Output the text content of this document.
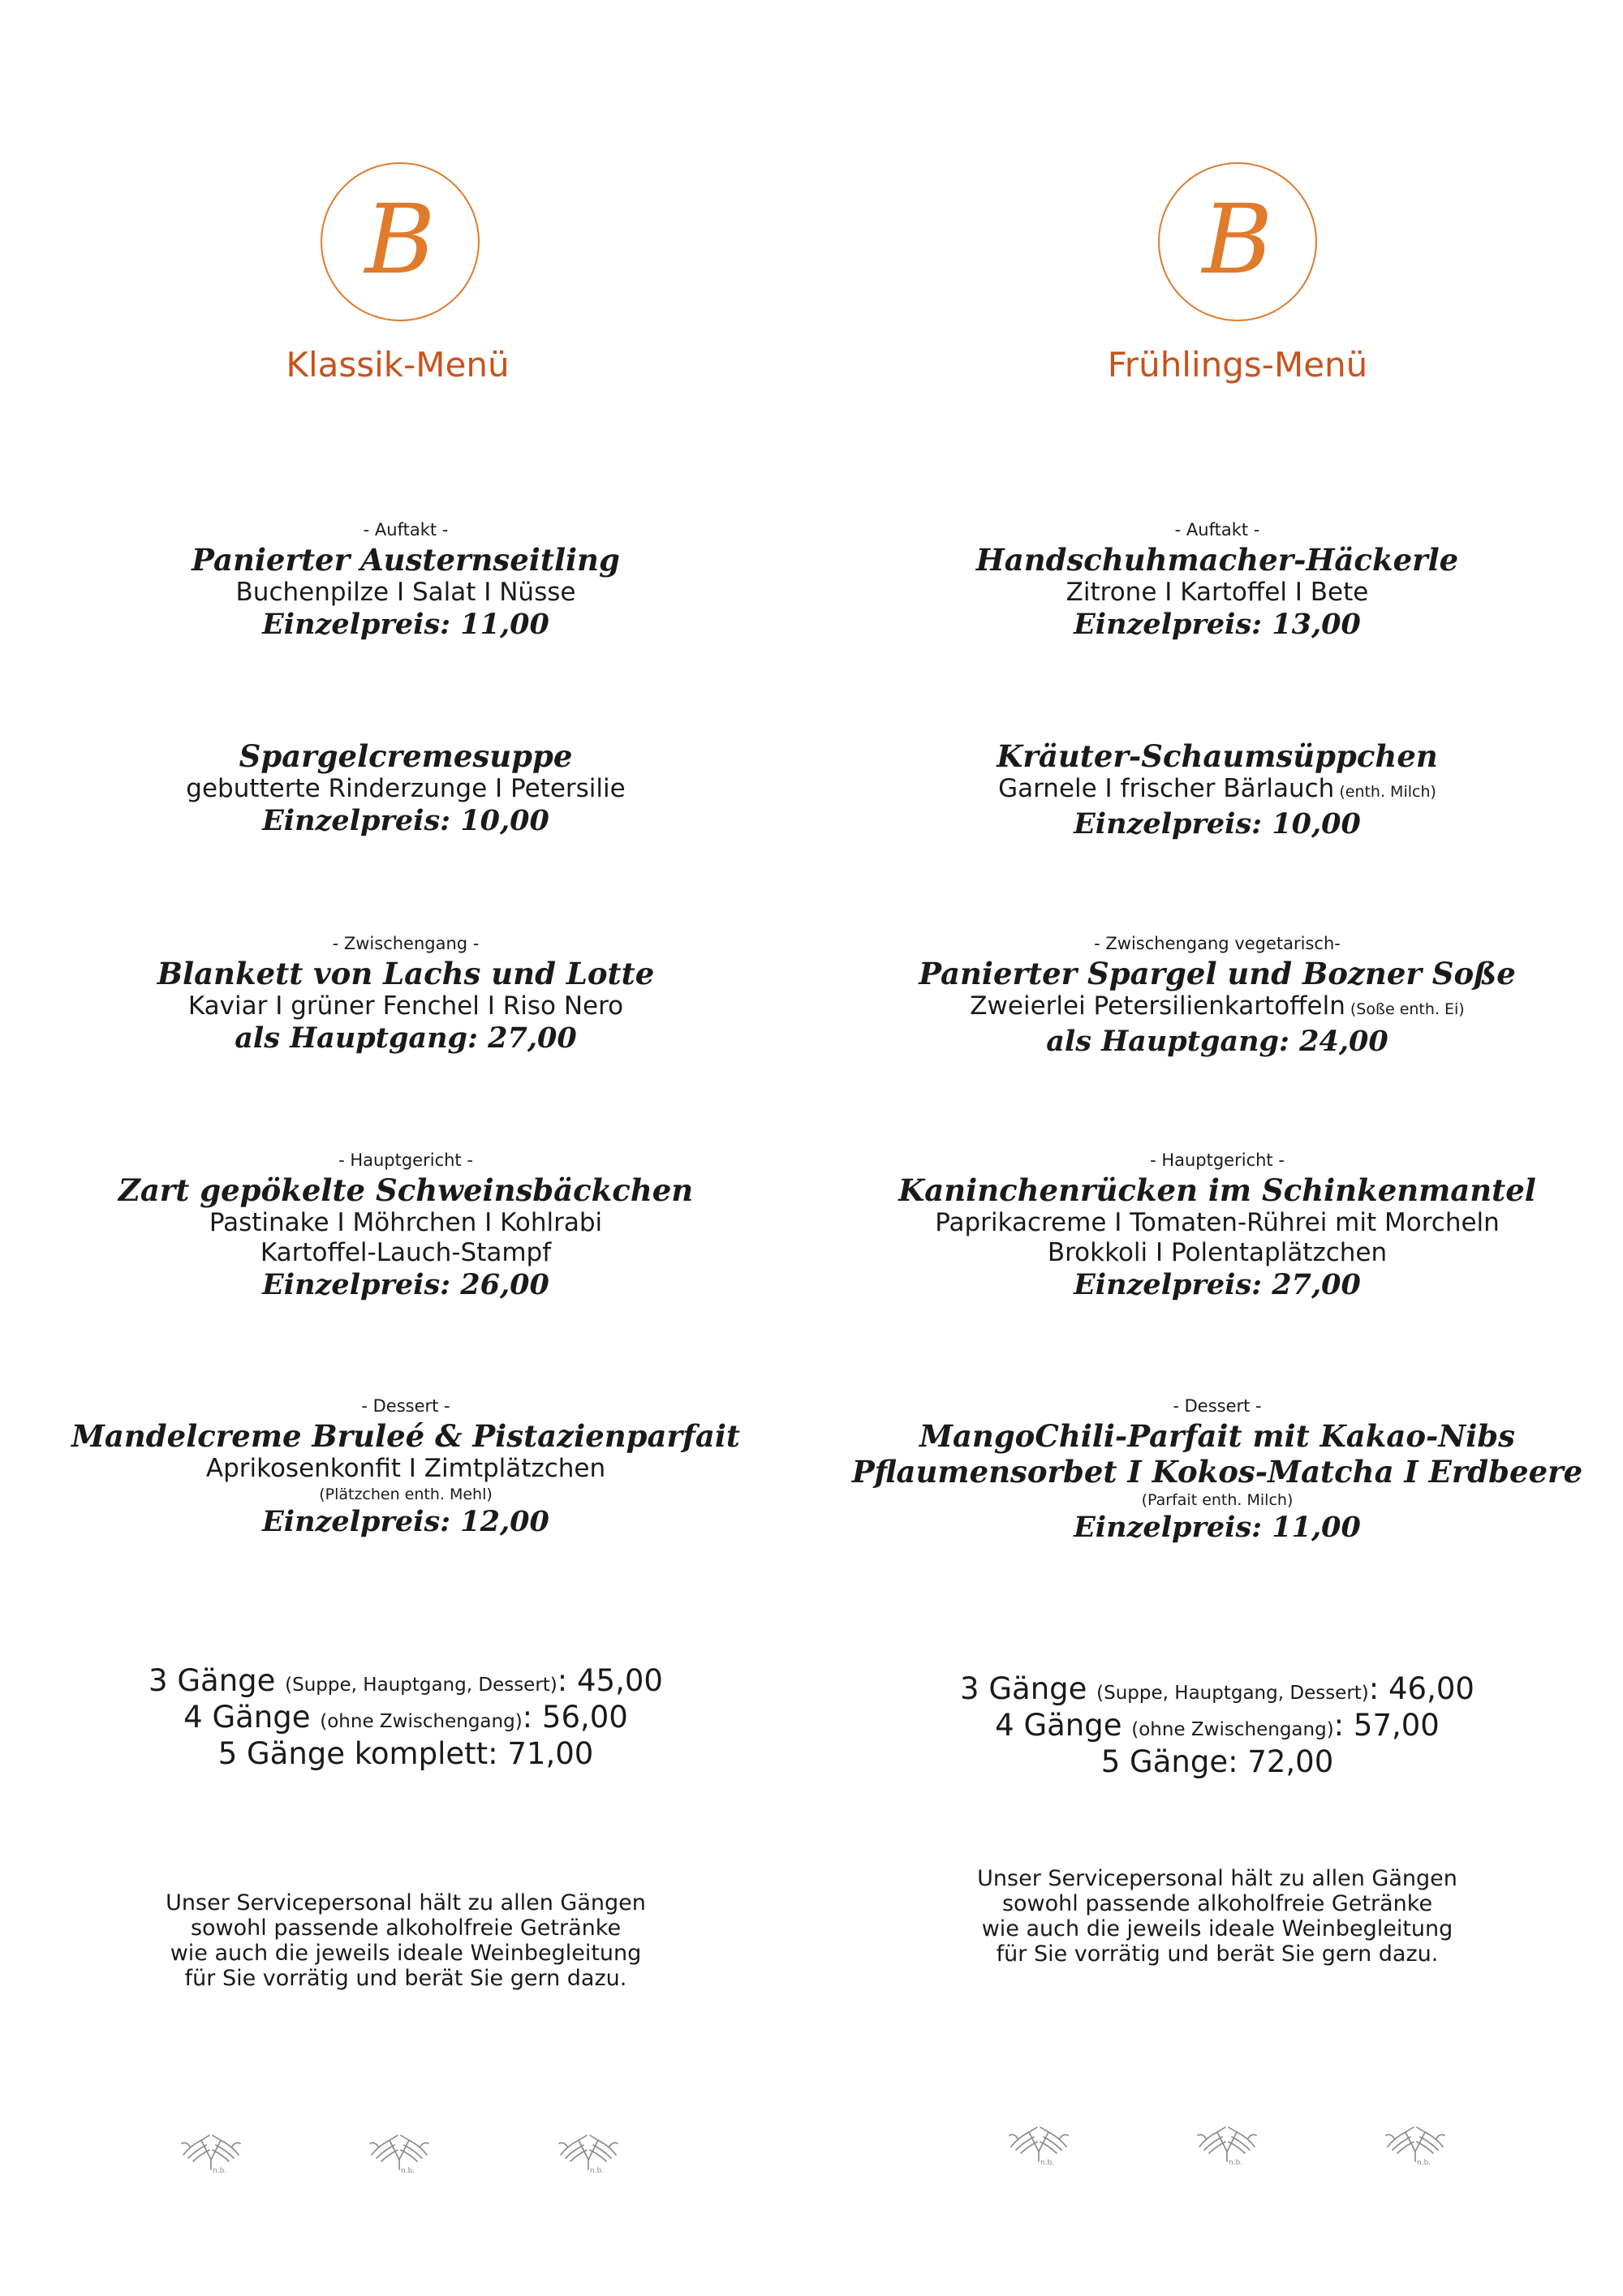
B
Klassik-Menü
- Auftakt -
Panierter Austernseitling
Buchenpilze I Salat I Nüsse
Einzelpreis: 11,00
Spargelcremesuppe
gebutterte Rinderzunge I Petersilie
Einzelpreis: 10,00
- Zwischengang -
Blankett von Lachs und Lotte
Kaviar I grüner Fenchel I Riso Nero
als Hauptgang: 27,00
- Hauptgericht -
Zart gepökelte Schweinsbäckchen
Pastinake I Möhrchen I Kohlrabi
Kartoffel-Lauch-Stampf
Einzelpreis: 26,00
- Dessert -
Mandelcreme Bruleé & Pistazienparfait
Aprikosenkonfit I Zimtplätzchen
(Plätzchen enth. Mehl)
Einzelpreis: 12,00
3 Gänge (Suppe, Hauptgang, Dessert): 45,00
4 Gänge (ohne Zwischengang): 56,00
5 Gänge komplett: 71,00
Unser Servicepersonal hält zu allen Gängen
sowohl passende alkoholfreie Getränke
wie auch die jeweils ideale Weinbegleitung
für Sie vorrätig und berät Sie gern dazu.
n.b.	n.b.	n.b.
B
Frühlings-Menü
- Auftakt -
Handschuhmacher-Häckerle
Zitrone I Kartoffel I Bete
Einzelpreis: 13,00
Kräuter-Schaumsüppchen
Garnele I frischer Bärlauch (enth. Milch)
Einzelpreis: 10,00
- Zwischengang vegetarisch-
Panierter Spargel und Bozner Soße
Zweierlei Petersilienkartoffeln (Soße enth. Ei)
als Hauptgang: 24,00
- Hauptgericht -
Kaninchenrücken im Schinkenmantel
Paprikacreme I Tomaten-Rührei mit Morcheln
Brokkoli I Polentaplätzchen
Einzelpreis: 27,00
- Dessert -
MangoChili-Parfait mit Kakao-Nibs
Pflaumensorbet I Kokos-Matcha I Erdbeere
(Parfait enth. Milch)
Einzelpreis: 11,00
3 Gänge (Suppe, Hauptgang, Dessert): 46,00
4 Gänge (ohne Zwischengang): 57,00
5 Gänge: 72,00
Unser Servicepersonal hält zu allen Gängen
sowohl passende alkoholfreie Getränke
wie auch die jeweils ideale Weinbegleitung
für Sie vorrätig und berät Sie gern dazu.
n.b.	n.b.	n.b.
